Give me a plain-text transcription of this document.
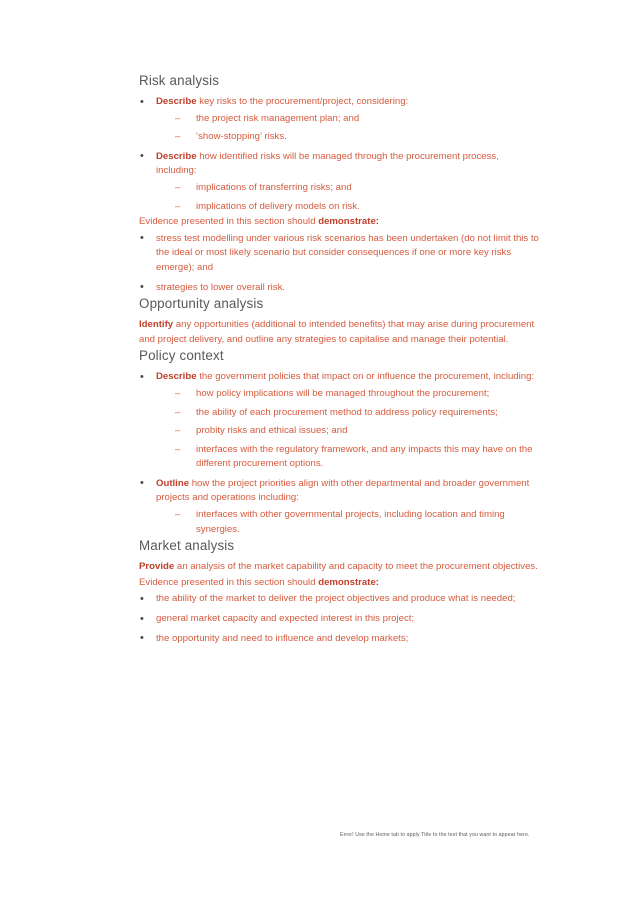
Risk analysis
• Describe key risks to the procurement/project, considering:
– the project risk management plan; and
– ‘show-stopping’ risks.
• Describe how identified risks will be managed through the procurement process, including:
– implications of transferring risks; and
– implications of delivery models on risk.

Evidence presented in this section should demonstrate:

• stress test modelling under various risk scenarios has been undertaken (do not limit this to the ideal or most likely scenario but consider consequences if one or more key risks emerge); and
• strategies to lower overall risk.
Opportunity analysis

Identify any opportunities (additional to intended benefits) that may arise during procurement and project delivery, and outline any strategies to capitalise and manage their potential.

Policy context
• Describe the government policies that impact on or influence the procurement, including:
– how policy implications will be managed throughout the procurement;
– the ability of each procurement method to address policy requirements;
– probity risks and ethical issues; and
– interfaces with the regulatory framework, and any impacts this may have on the different procurement options.
• Outline how the project priorities align with other departmental and broader government projects and operations including:
– interfaces with other governmental projects, including location and timing synergies.
Market analysis

Provide an analysis of the market capability and capacity to meet the procurement objectives.

Evidence presented in this section should demonstrate:

• the ability of the market to deliver the project objectives and produce what is needed;
• general market capacity and expected interest in this project;
• the opportunity and need to influence and develop markets;
Error! Use the Home tab to apply Title to the text that you want to appear here.
